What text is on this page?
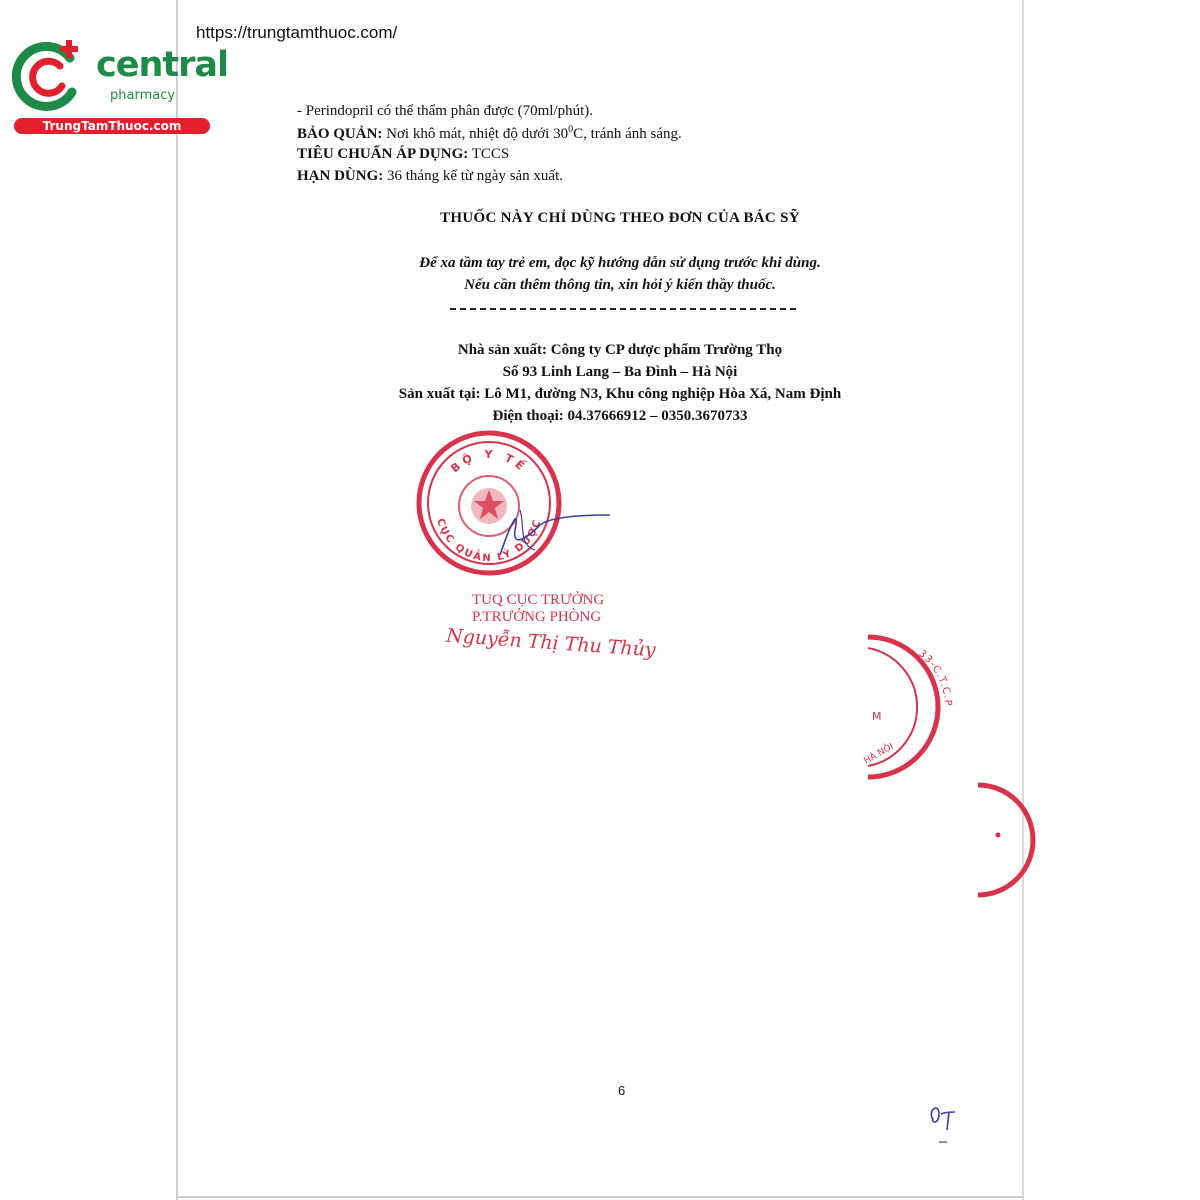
central
pharmacy
TrungTamThuoc.com
https://trungtamthuoc.com/
- Perindopril có thể thẩm phân được (70ml/phút).
BẢO QUẢN: Nơi khô mát, nhiệt độ dưới $30^0C$, tránh ánh sáng.
TIÊU CHUẨN ÁP DỤNG: TCCS
HẠN DÙNG: 36 tháng kể từ ngày sản xuất.
THUỐC NÀY CHỈ DÙNG THEO ĐƠN CỦA BÁC SỸ
Để xa tầm tay trẻ em, đọc kỹ hướng dẫn sử dụng trước khi dùng.
Nếu cần thêm thông tin, xin hỏi ý kiến thầy thuốc.
Nhà sản xuất: Công ty CP dược phẩm Trường Thọ
Số 93 Linh Lang – Ba Đình – Hà Nội
Sản xuất tại: Lô M1, đường N3, Khu công nghiệp Hòa Xá, Nam Định
Điện thoại: 04.37666912 – 0350.3670733
BỘ Y TẾ
CỤC QUẢN LÝ DƯỢC
TUQ CỤC TRƯỞNG
P.TRƯỞNG PHÒNG
Nguyễn Thị Thu Thủy	33-C.T.C.P
M
HÀ NỘI
6
